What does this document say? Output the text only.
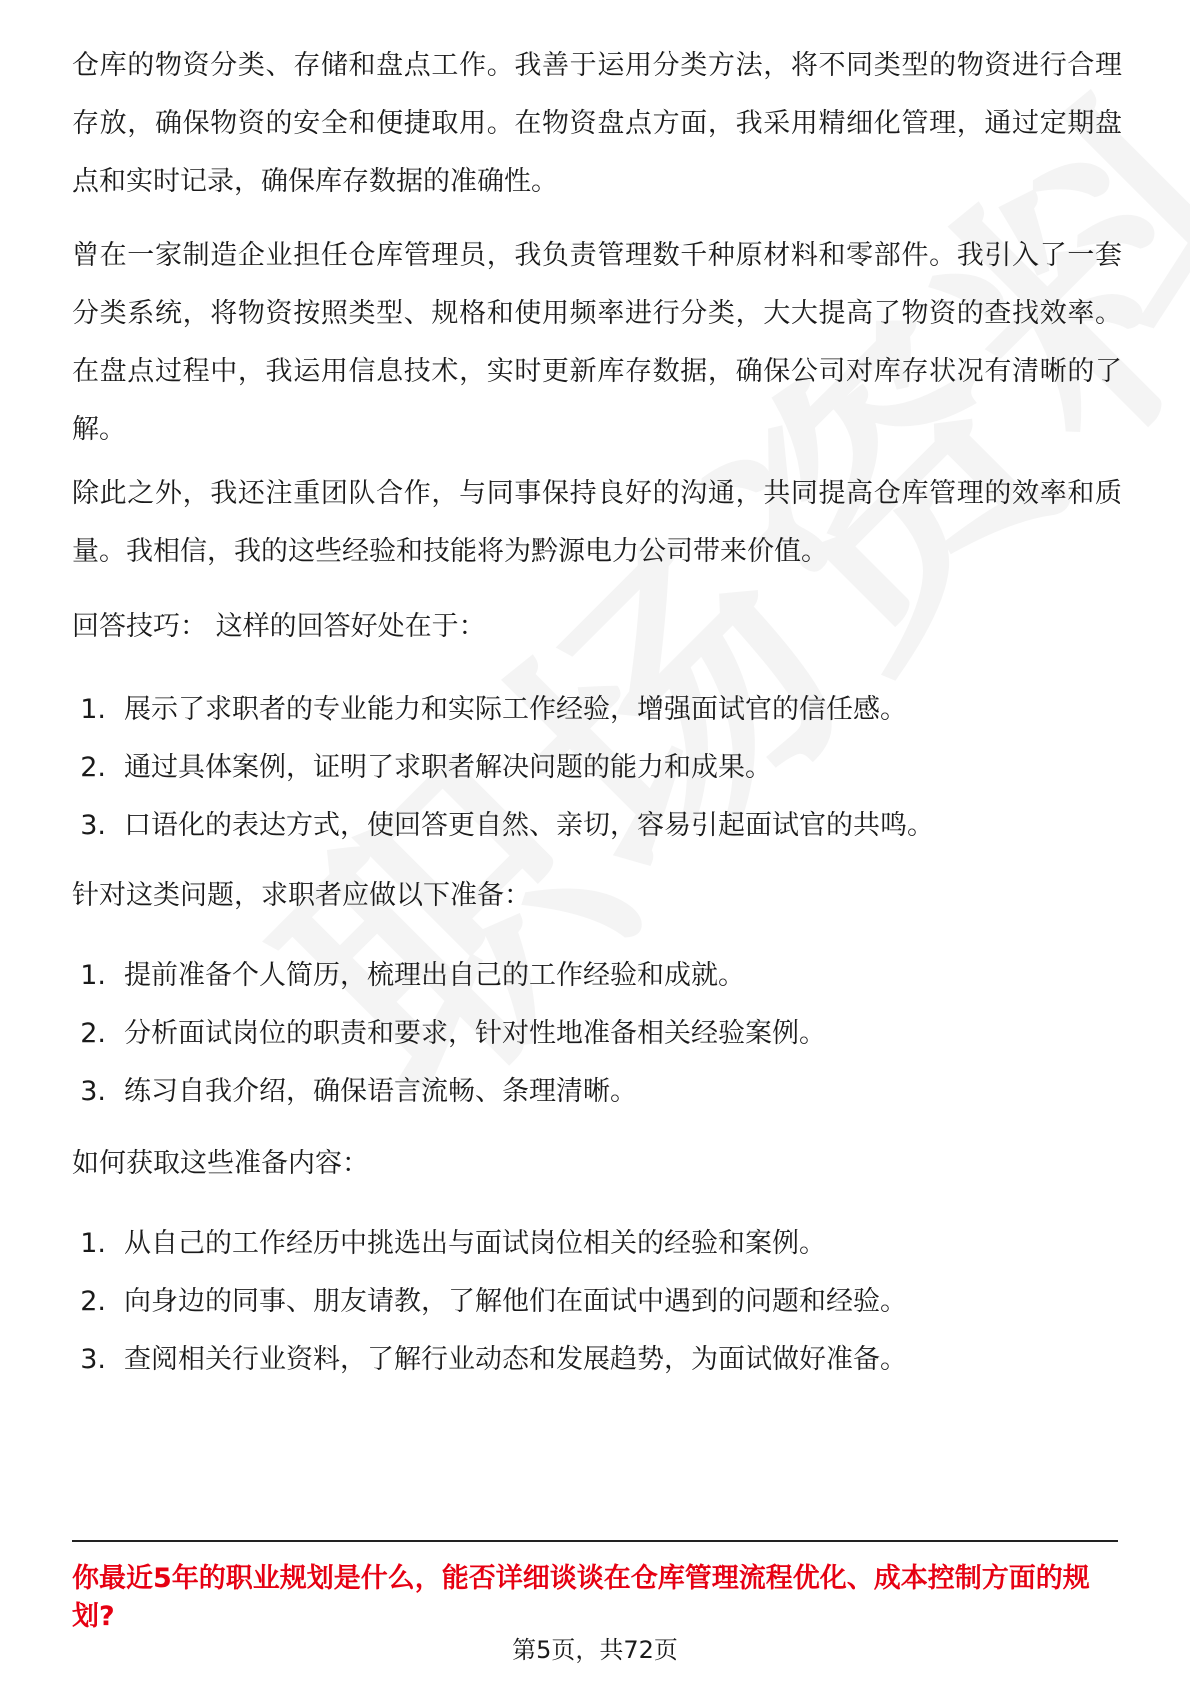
仓库的物资分类、存储和盘点工作。我善于运用分类方法，将不同类型的物资进行合理存放，确保物资的安全和便捷取用。在物资盘点方面，我采用精细化管理，通过定期盘点和实时记录，确保库存数据的准确性。

曾在一家制造企业担任仓库管理员，我负责管理数千种原材料和零部件。我引入了一套分类系统，将物资按照类型、规格和使用频率进行分类，大大提高了物资的查找效率。在盘点过程中，我运用信息技术，实时更新库存数据，确保公司对库存状况有清晰的了解。

除此之外，我还注重团队合作，与同事保持良好的沟通，共同提高仓库管理的效率和质量。我相信，我的这些经验和技能将为黔源电力公司带来价值。

回答技巧： 这样的回答好处在于：

1. 展示了求职者的专业能力和实际工作经验，增强面试官的信任感。
2. 通过具体案例，证明了求职者解决问题的能力和成果。
3. 口语化的表达方式，使回答更自然、亲切，容易引起面试官的共鸣。

针对这类问题，求职者应做以下准备：

1. 提前准备个人简历，梳理出自己的工作经验和成就。
2. 分析面试岗位的职责和要求，针对性地准备相关经验案例。
3. 练习自我介绍，确保语言流畅、条理清晰。

如何获取这些准备内容：

1. 从自己的工作经历中挑选出与面试岗位相关的经验和案例。
2. 向身边的同事、朋友请教，了解他们在面试中遇到的问题和经验。
3. 查阅相关行业资料，了解行业动态和发展趋势，为面试做好准备。

你最近5年的职业规划是什么，能否详细谈谈在仓库管理流程优化、成本控制方面的规划?

第5页，共72页
